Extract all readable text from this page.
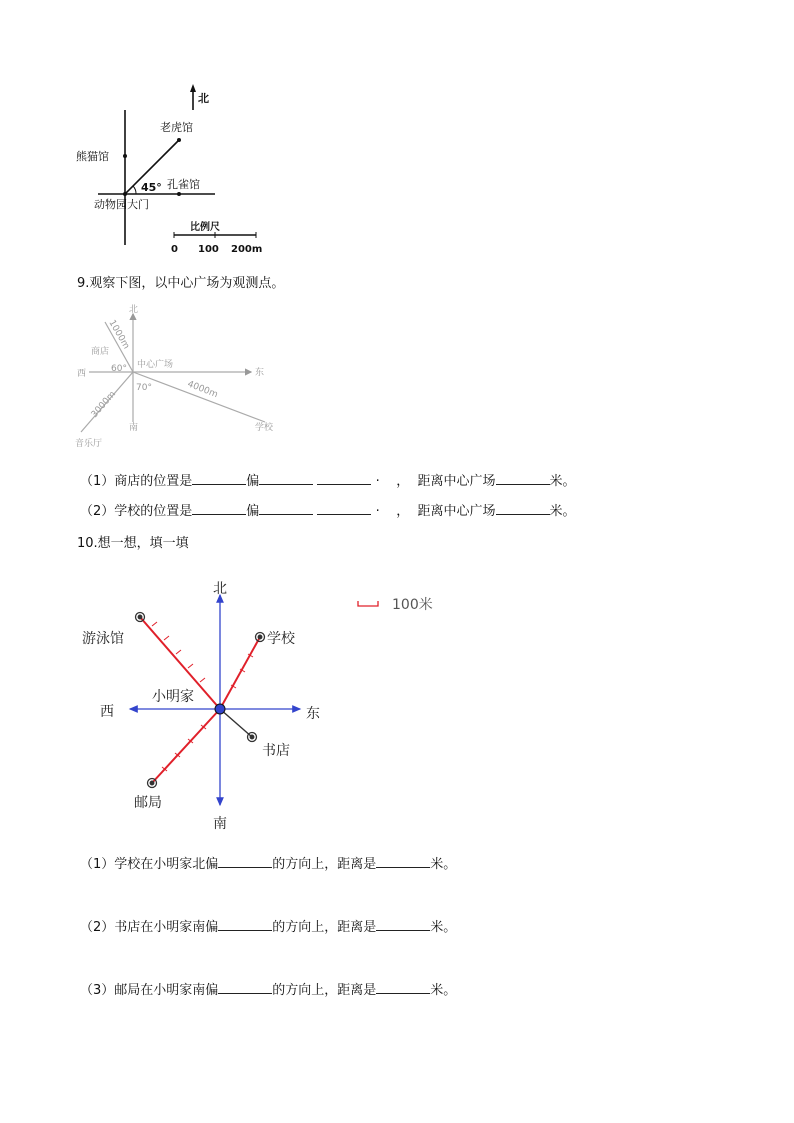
北
老虎馆
熊猫馆
45° 孔雀馆
动物园大门
比例尺
0 100 200m
9.观察下图，以中心广场为观测点。
北
西	东
南
中心广场
商店
学校
音乐厅
60°
70°
1000m
4000m
3000m
（1）商店的位置是	偏	· ， 距离中心广场	米。
（2）学校的位置是	偏	· ， 距离中心广场	米。
10.想一想，填一填
北
南
西	东
小明家
游泳馆	学校
书店
邮局
100米
（1）学校在小明家北偏	的方向上，距离是	米。
（2）书店在小明家南偏	的方向上，距离是	米。
（3）邮局在小明家南偏	的方向上，距离是	米。
